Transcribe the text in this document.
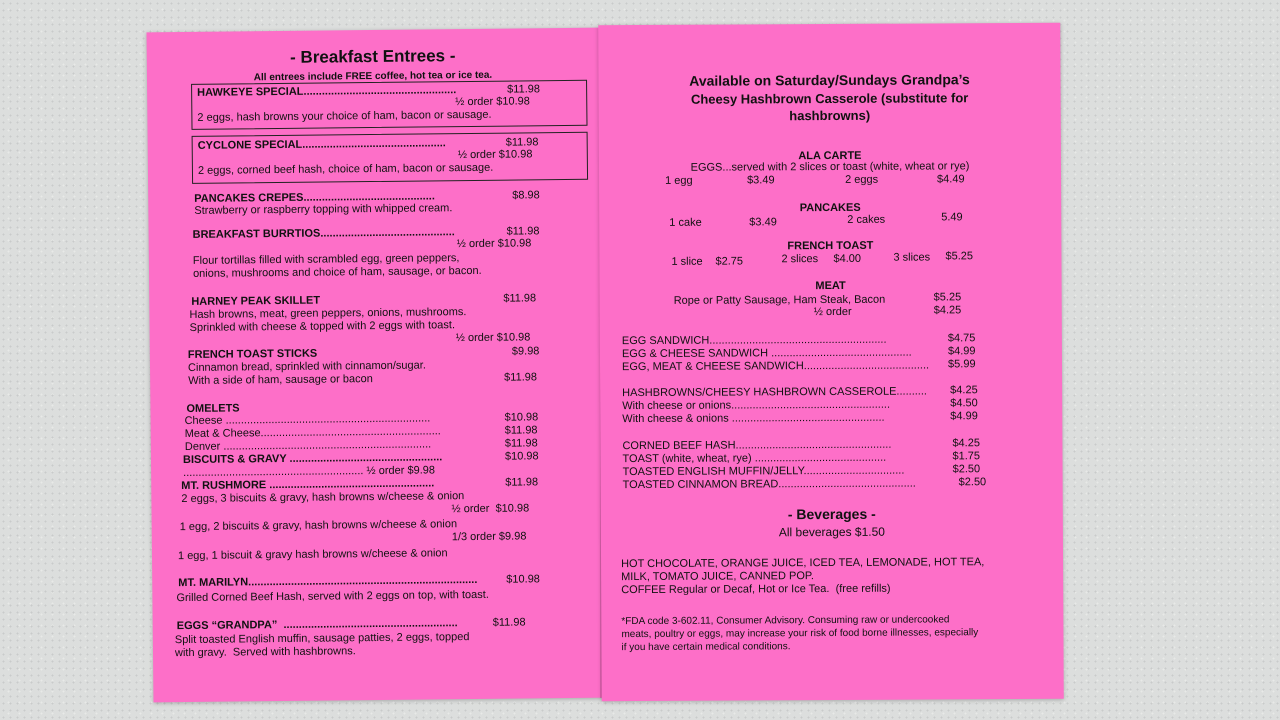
- Breakfast Entrees -
All entrees include FREE coffee, hot tea or ice tea.
HAWKEYE SPECIAL..................................................	$11.98
½ order $10.98
2 eggs, hash browns your choice of ham, bacon or sausage.
CYCLONE SPECIAL...............................................	$11.98
½ order $10.98
2 eggs, corned beef hash, choice of ham, bacon or sausage.
PANCAKES CREPES...........................................	$8.98
Strawberry or raspberry topping with whipped cream.
BREAKFAST BURRTIOS............................................	$11.98
½ order $10.98
Flour tortillas filled with scrambled egg, green peppers,
onions, mushrooms and choice of ham, sausage, or bacon.
HARNEY PEAK SKILLET	$11.98
Hash browns, meat, green peppers, onions, mushrooms.
Sprinkled with cheese & topped with 2 eggs with toast.
½ order $10.98
FRENCH TOAST STICKS	$9.98
Cinnamon bread, sprinkled with cinnamon/sugar.
With a side of ham, sausage or bacon	$11.98
OMELETS
Cheese ...................................................................	$10.98
Meat & Cheese...........................................................	$11.98
Denver ....................................................................	$11.98
BISCUITS & GRAVY ..................................................	$10.98
........................................................... ½ order $9.98
MT. RUSHMORE ......................................................	$11.98
2 eggs, 3 biscuits & gravy, hash browns w/cheese & onion
½ order  $10.98
1 egg, 2 biscuits & gravy, hash browns w/cheese & onion
1/3 order $9.98
1 egg, 1 biscuit & gravy hash browns w/cheese & onion
MT. MARILYN...........................................................................	$10.98
Grilled Corned Beef Hash, served with 2 eggs on top, with toast.
EGGS “GRANDPA”  .........................................................	$11.98
Split toasted English muffin, sausage patties, 2 eggs, topped
with gravy.  Served with hashbrowns.
Available on Saturday/Sundays Grandpa’s
Cheesy Hashbrown Casserole (substitute for
hashbrowns)
ALA CARTE
EGGS...served with 2 slices or toast (white, wheat or rye)
1 egg	$3.49	2 eggs	$4.49
PANCAKES
1 cake	$3.49	2 cakes	5.49
FRENCH TOAST
1 slice $2.75	2 slices $4.00	3 slices $5.25
MEAT
Rope or Patty Sausage, Ham Steak, Bacon	$5.25
½ order	$4.25
EGG SANDWICH..........................................................	$4.75
EGG & CHEESE SANDWICH ..............................................	$4.99
EGG, MEAT & CHEESE SANDWICH......................................... $5.99
HASHBROWNS/CHEESY HASHBROWN CASSEROLE.......... $4.25
With cheese or onions....................................................	$4.50
With cheese & onions ..................................................	$4.99
CORNED BEEF HASH...................................................	$4.25
TOAST (white, wheat, rye) ...........................................	$1.75
TOASTED ENGLISH MUFFIN/JELLY.................................	$2.50
TOASTED CINNAMON BREAD.............................................	$2.50
- Beverages -
All beverages $1.50
HOT CHOCOLATE, ORANGE JUICE, ICED TEA, LEMONADE, HOT TEA,
MILK, TOMATO JUICE, CANNED POP.
COFFEE Regular or Decaf, Hot or Ice Tea.  (free refills)
*FDA code 3-602.11, Consumer Advisory. Consuming raw or undercooked
meats, poultry or eggs, may increase your risk of food borne illnesses, especially
if you have certain medical conditions.
